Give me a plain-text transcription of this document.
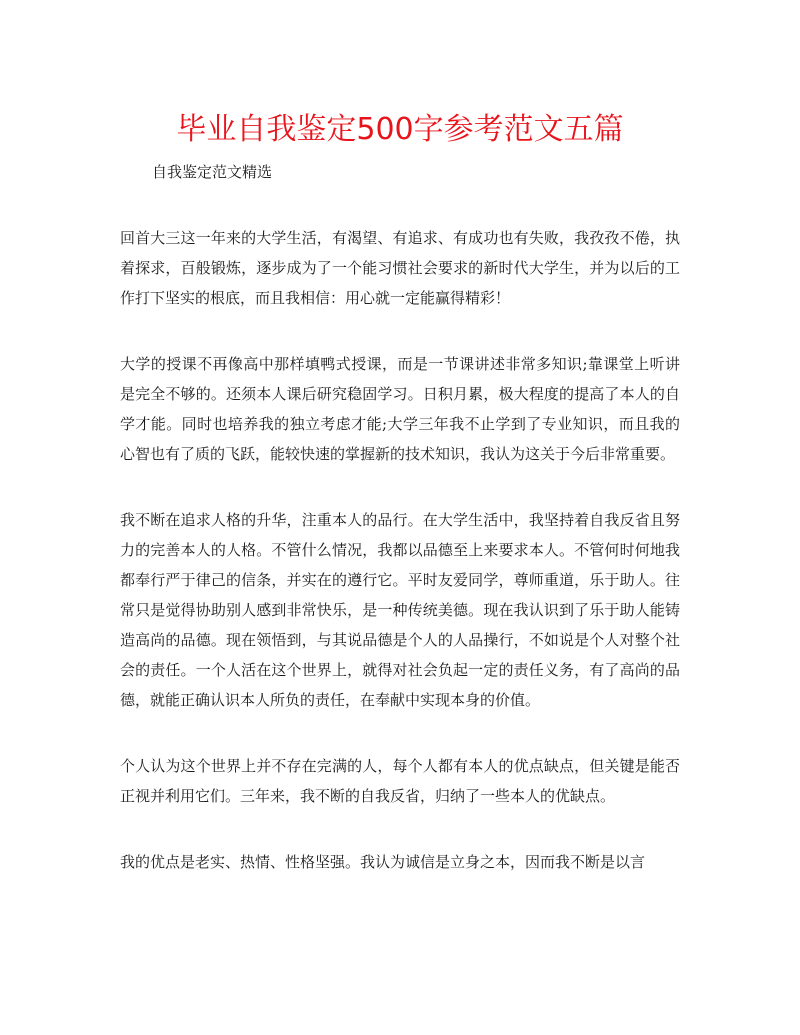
毕业自我鉴定500字参考范文五篇

自我鉴定范文精选

回首大三这一年来的大学生活，有渴望、有追求、有成功也有失败，我孜孜不倦，执着探求，百般锻炼，逐步成为了一个能习惯社会要求的新时代大学生，并为以后的工作打下坚实的根底，而且我相信：用心就一定能赢得精彩！

大学的授课不再像高中那样填鸭式授课，而是一节课讲述非常多知识;靠课堂上听讲是完全不够的。还须本人课后研究稳固学习。日积月累，极大程度的提高了本人的自学才能。同时也培养我的独立考虑才能;大学三年我不止学到了专业知识，而且我的心智也有了质的飞跃，能较快速的掌握新的技术知识，我认为这关于今后非常重要。

我不断在追求人格的升华，注重本人的品行。在大学生活中，我坚持着自我反省且努力的完善本人的人格。不管什么情况，我都以品德至上来要求本人。不管何时何地我都奉行严于律己的信条，并实在的遵行它。平时友爱同学，尊师重道，乐于助人。往常只是觉得协助别人感到非常快乐，是一种传统美德。现在我认识到了乐于助人能铸造高尚的品德。现在领悟到，与其说品德是个人的人品操行，不如说是个人对整个社会的责任。一个人活在这个世界上，就得对社会负起一定的责任义务，有了高尚的品德，就能正确认识本人所负的责任，在奉献中实现本身的价值。

个人认为这个世界上并不存在完满的人，每个人都有本人的优点缺点，但关键是能否正视并利用它们。三年来，我不断的自我反省，归纳了一些本人的优缺点。

我的优点是老实、热情、性格坚强。我认为诚信是立身之本，因而我不断是以言
